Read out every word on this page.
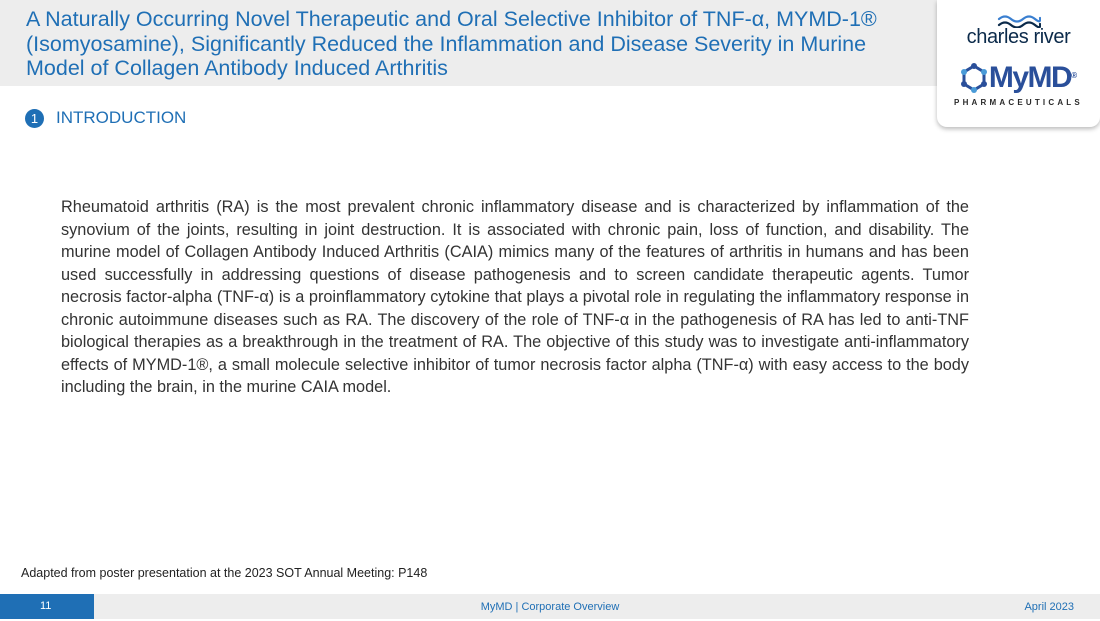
A Naturally Occurring Novel Therapeutic and Oral Selective Inhibitor of TNF-α, MYMD-1® (Isomyosamine), Significantly Reduced the Inflammation and Disease Severity in Murine Model of Collagen Antibody Induced Arthritis
charles river
MyMD®
PHARMACEUTICALS
1	INTRODUCTION

Rheumatoid arthritis (RA) is the most prevalent chronic inflammatory disease and is characterized by inflammation of the synovium of the joints, resulting in joint destruction. It is associated with chronic pain, loss of function, and disability. The murine model of Collagen Antibody Induced Arthritis (CAIA) mimics many of the features of arthritis in humans and has been used successfully in addressing questions of disease pathogenesis and to screen candidate therapeutic agents. Tumor necrosis factor-alpha (TNF-α) is a proinflammatory cytokine that plays a pivotal role in regulating the inflammatory response in chronic autoimmune diseases such as RA. The discovery of the role of TNF-α in the pathogenesis of RA has led to anti-TNF biological therapies as a breakthrough in the treatment of RA. The objective of this study was to investigate anti-inflammatory effects of MYMD-1®, a small molecule selective inhibitor of tumor necrosis factor alpha (TNF-α) with easy access to the body including the brain, in the murine CAIA model.

Adapted from poster presentation at the 2023 SOT Annual Meeting: P148
11	MyMD | Corporate Overview	April 2023
